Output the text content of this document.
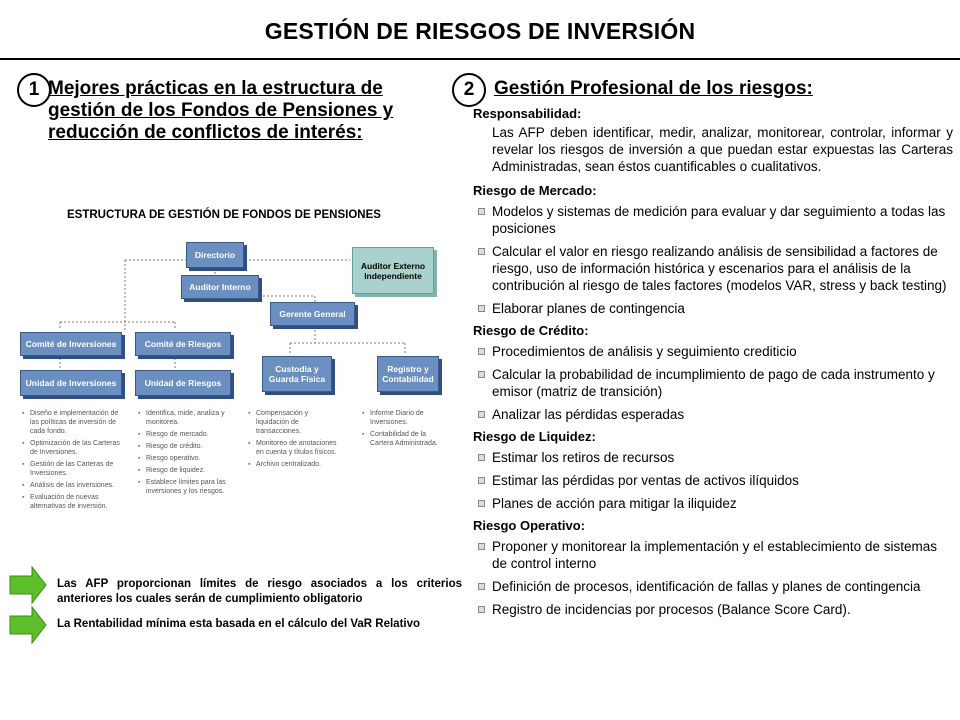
GESTIÓN DE RIESGOS DE INVERSIÓN
1 Mejores prácticas en la estructura de gestión de los Fondos de Pensiones y reducción de conflictos de interés:
2	Gestión Profesional de los riesgos:
ESTRUCTURA DE GESTIÓN DE FONDOS DE PENSIONES
Directorio
Auditor Interno
Auditor Externo Independiente
Gerente General
Comité de Inversiones	Comité de Riesgos
Unidad de Inversiones	Unidad de Riesgos
Custodia y Guarda Física
Registro y Contabilidad
▪ Diseño e implementación de las políticas de inversión de cada fondo.
▪ Optimización de las Carteras de Inversiones.
▪ Gestión de las Carteras de Inversiones.
▪ Análisis de las inversiones.
▪ Evaluación de nuevas alternativas de inversión.
▪ Identifica, mide, analiza y monitorea.
▪ Riesgo de mercado.
▪ Riesgo de crédito.
▪ Riesgo operativo.
▪ Riesgo de liquidez.
▪ Establece límites para las inversiones y los riesgos.
▪ Compensación y liquidación de transacciones.
▪ Monitoreo de anotaciones en cuenta y títulos físicos.
▪ Archivo centralizado.
▪ Informe Diario de Inversiones.
▪ Contabilidad de la Cartera Administrada.
Las AFP proporcionan límites de riesgo asociados a los criterios anteriores los cuales serán de cumplimiento obligatorio
La Rentabilidad mínima esta basada en el cálculo del VaR Relativo
Responsabilidad:
Las AFP deben identificar, medir, analizar, monitorear, controlar, informar y revelar los riesgos de inversión a que puedan estar expuestas las Carteras Administradas, sean éstos cuantificables o cualitativos.
Riesgo de Mercado:
Modelos y sistemas de medición para evaluar y dar seguimiento a todas las posiciones
Calcular el valor en riesgo realizando análisis de sensibilidad a factores de riesgo, uso de información histórica y escenarios para el análisis de la contribución al riesgo de tales factores (modelos VAR, stress y back testing)
Elaborar planes de contingencia
Riesgo de Crédito:
Procedimientos de análisis y seguimiento crediticio
Calcular la probabilidad de incumplimiento de pago de cada instrumento y emisor (matriz de transición)
Analizar las pérdidas esperadas
Riesgo de Liquidez:
Estimar los retiros de recursos
Estimar las pérdidas por ventas de activos ilíquidos
Planes de acción para mitigar la iliquidez
Riesgo Operativo:
Proponer y monitorear la implementación y el establecimiento de sistemas de control interno
Definición de procesos, identificación de fallas y planes de contingencia
Registro de incidencias por procesos (Balance Score Card).
